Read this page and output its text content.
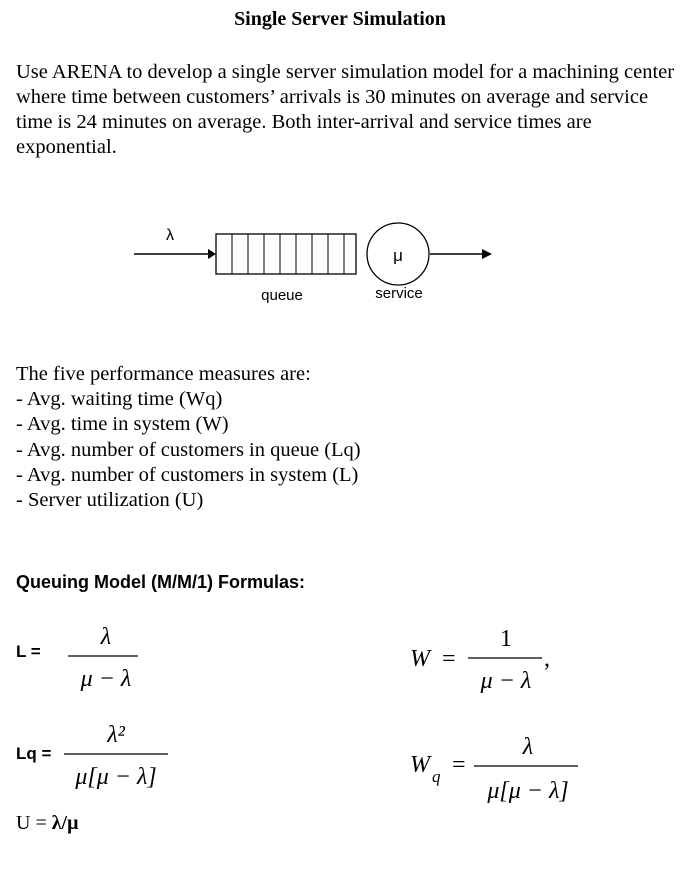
Single Server Simulation

Use ARENA to develop a single server simulation model for a machining center where time between customers’ arrivals is 30 minutes on average and service time is 24 minutes on average. Both inter-arrival and service times are exponential.

λ
μ
queue	service
The five performance measures are:
- Avg. waiting time (Wq)
- Avg. time in system (W)
- Avg. number of customers in queue (Lq)
- Avg. number of customers in system (L)
- Server utilization (U)
Queuing Model (M/M/1) Formulas:
L =
λ
μ − λ
Lq =
λ²
μ[μ − λ]
W =
1
μ − λ
,
W q =
λ
μ[μ − λ]
U = λ/μ
